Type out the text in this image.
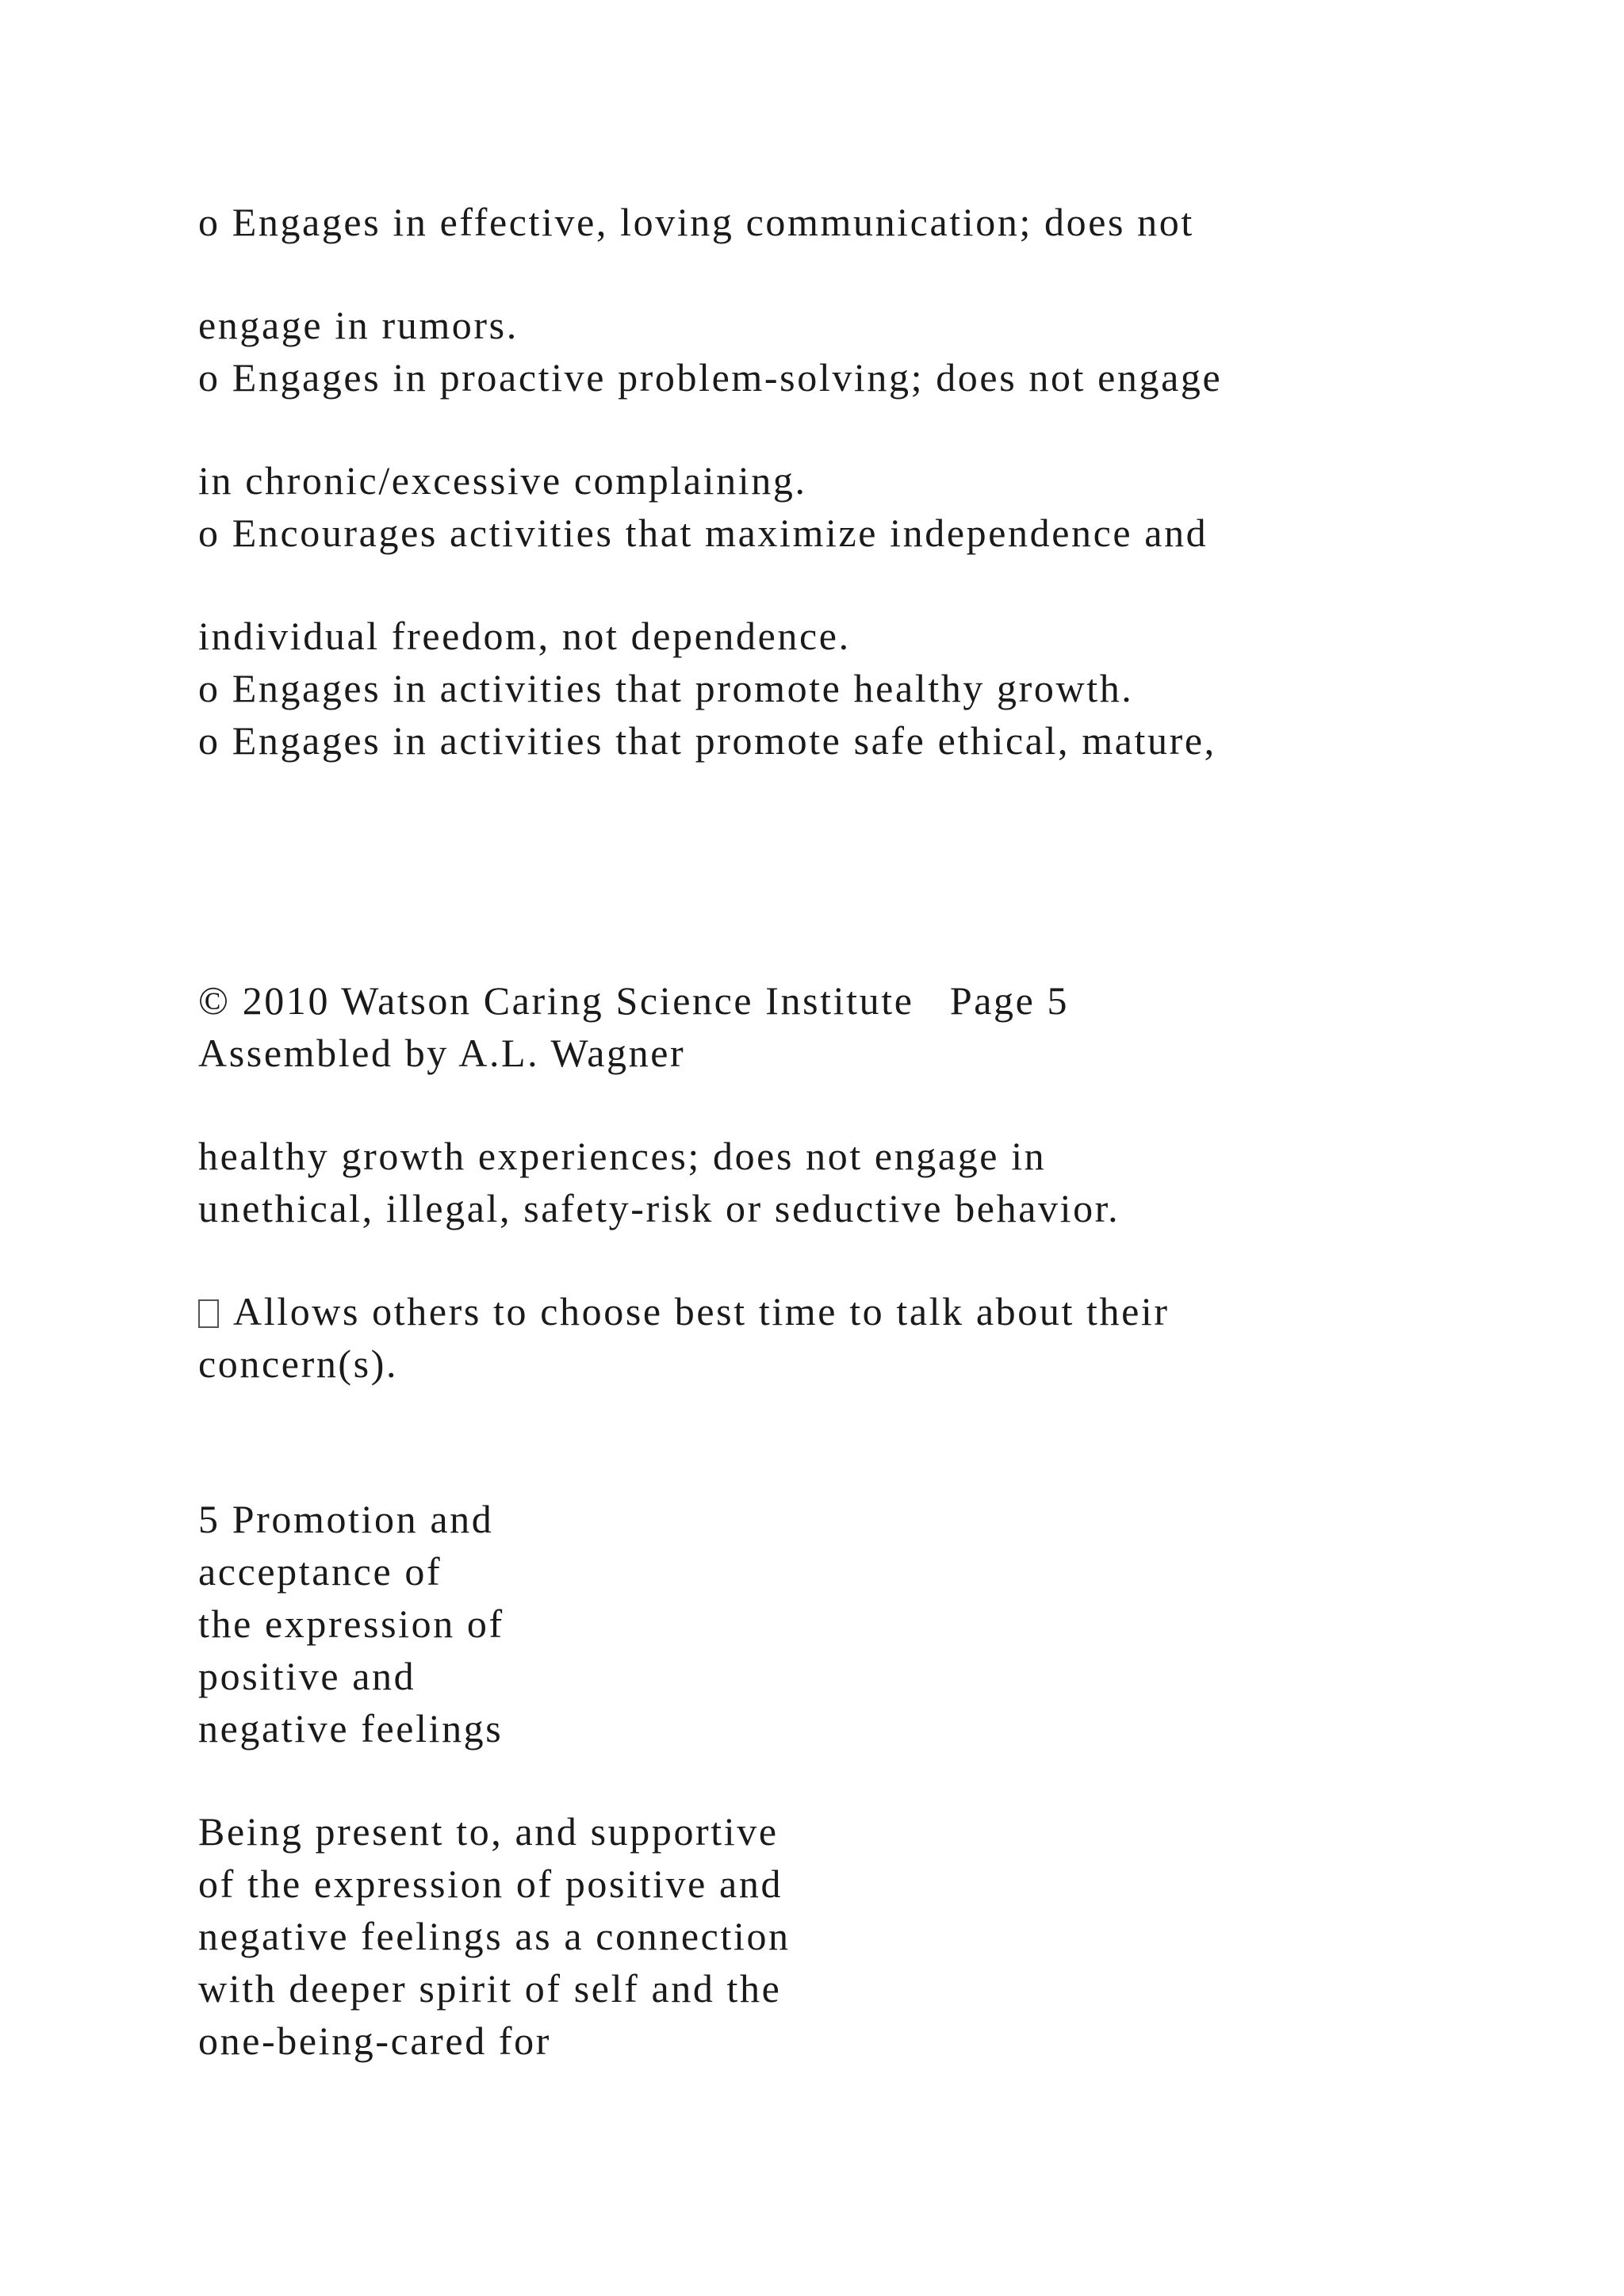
o Engages in effective, loving communication; does not

engage in rumors.

o Engages in proactive problem-solving; does not engage

in chronic/excessive complaining.

o Encourages activities that maximize independence and

individual freedom, not dependence.

o Engages in activities that promote healthy growth.

o Engages in activities that promote safe ethical, mature,

© 2010 Watson Caring Science Institute   Page 5

Assembled by A.L. Wagner

healthy growth experiences; does not engage in

unethical, illegal, safety-risk or seductive behavior.

Allows others to choose best time to talk about their

concern(s).

5 Promotion and

acceptance of

the expression of

positive and

negative feelings

Being present to, and supportive

of the expression of positive and

negative feelings as a connection

with deeper spirit of self and the

one-being-cared for
